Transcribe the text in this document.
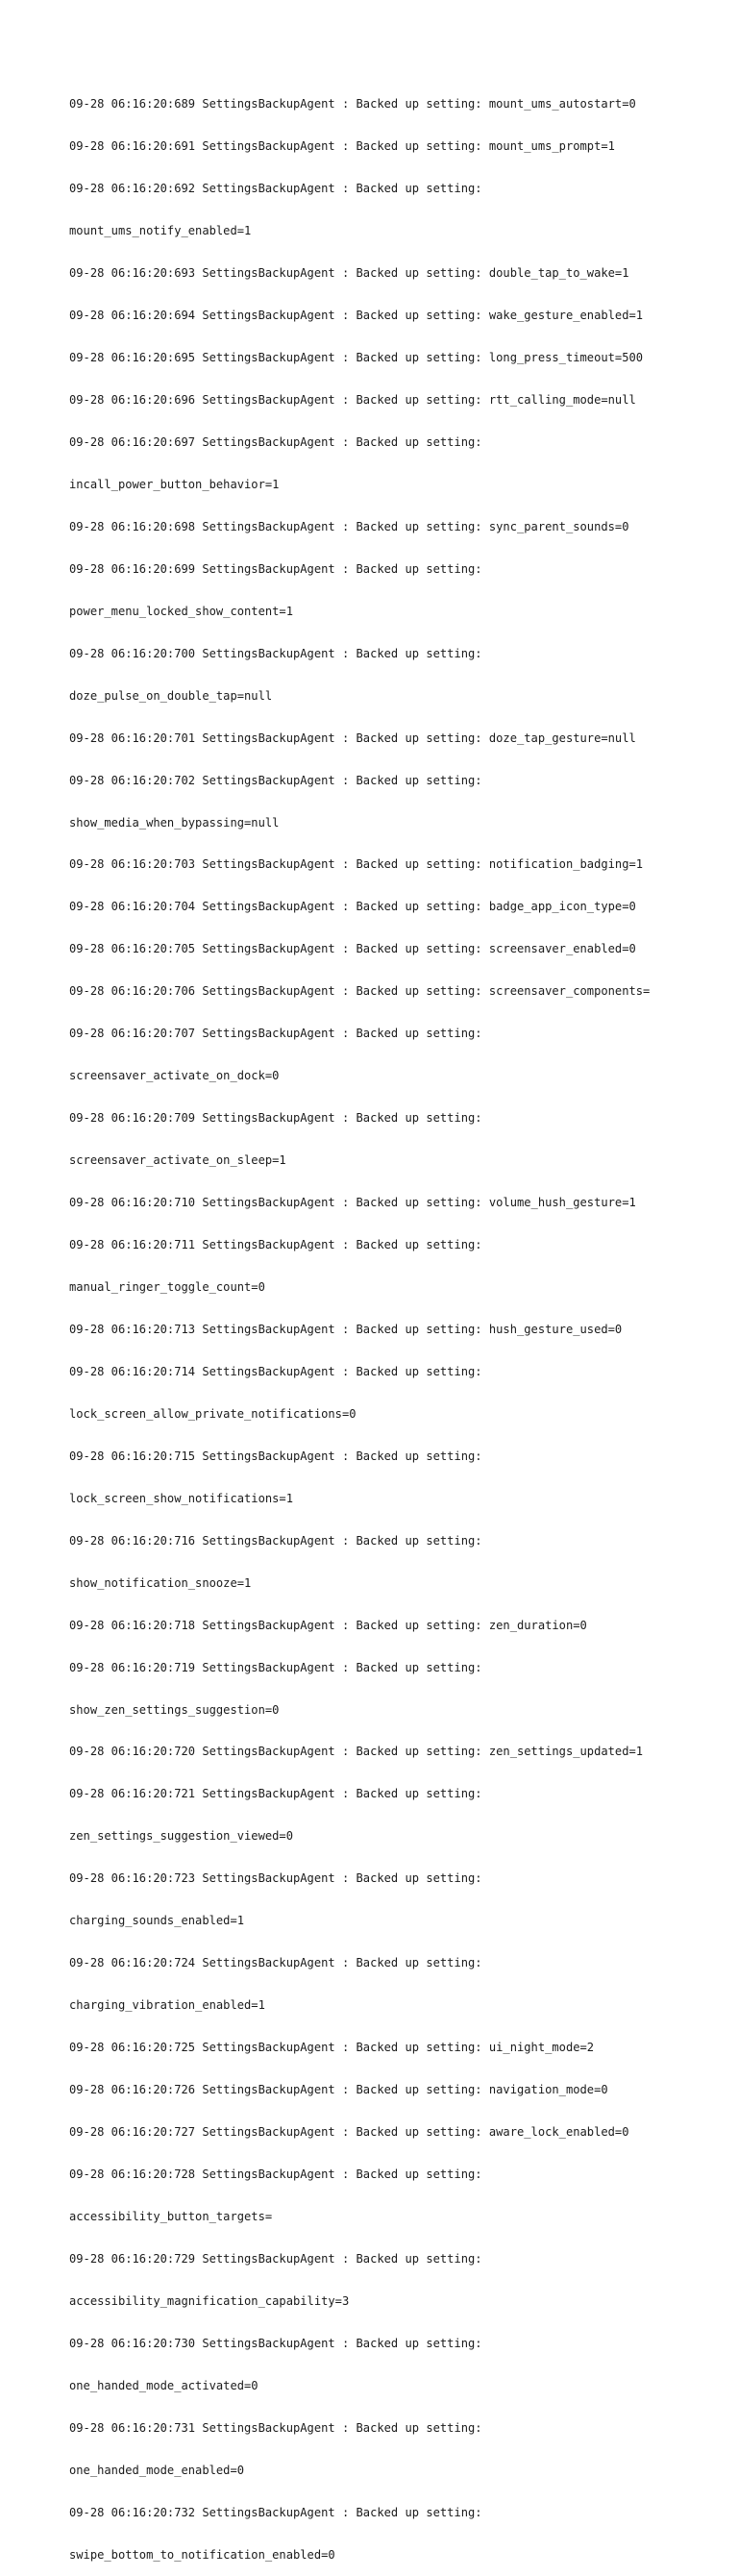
09-28 06:16:20:689 SettingsBackupAgent : Backed up setting: mount_ums_autostart=0

09-28 06:16:20:691 SettingsBackupAgent : Backed up setting: mount_ums_prompt=1

09-28 06:16:20:692 SettingsBackupAgent : Backed up setting:

mount_ums_notify_enabled=1

09-28 06:16:20:693 SettingsBackupAgent : Backed up setting: double_tap_to_wake=1

09-28 06:16:20:694 SettingsBackupAgent : Backed up setting: wake_gesture_enabled=1

09-28 06:16:20:695 SettingsBackupAgent : Backed up setting: long_press_timeout=500

09-28 06:16:20:696 SettingsBackupAgent : Backed up setting: rtt_calling_mode=null

09-28 06:16:20:697 SettingsBackupAgent : Backed up setting:

incall_power_button_behavior=1

09-28 06:16:20:698 SettingsBackupAgent : Backed up setting: sync_parent_sounds=0

09-28 06:16:20:699 SettingsBackupAgent : Backed up setting:

power_menu_locked_show_content=1

09-28 06:16:20:700 SettingsBackupAgent : Backed up setting:

doze_pulse_on_double_tap=null

09-28 06:16:20:701 SettingsBackupAgent : Backed up setting: doze_tap_gesture=null

09-28 06:16:20:702 SettingsBackupAgent : Backed up setting:

show_media_when_bypassing=null

09-28 06:16:20:703 SettingsBackupAgent : Backed up setting: notification_badging=1

09-28 06:16:20:704 SettingsBackupAgent : Backed up setting: badge_app_icon_type=0

09-28 06:16:20:705 SettingsBackupAgent : Backed up setting: screensaver_enabled=0

09-28 06:16:20:706 SettingsBackupAgent : Backed up setting: screensaver_components=

09-28 06:16:20:707 SettingsBackupAgent : Backed up setting:

screensaver_activate_on_dock=0

09-28 06:16:20:709 SettingsBackupAgent : Backed up setting:

screensaver_activate_on_sleep=1

09-28 06:16:20:710 SettingsBackupAgent : Backed up setting: volume_hush_gesture=1

09-28 06:16:20:711 SettingsBackupAgent : Backed up setting:

manual_ringer_toggle_count=0

09-28 06:16:20:713 SettingsBackupAgent : Backed up setting: hush_gesture_used=0

09-28 06:16:20:714 SettingsBackupAgent : Backed up setting:

lock_screen_allow_private_notifications=0

09-28 06:16:20:715 SettingsBackupAgent : Backed up setting:

lock_screen_show_notifications=1

09-28 06:16:20:716 SettingsBackupAgent : Backed up setting:

show_notification_snooze=1

09-28 06:16:20:718 SettingsBackupAgent : Backed up setting: zen_duration=0

09-28 06:16:20:719 SettingsBackupAgent : Backed up setting:

show_zen_settings_suggestion=0

09-28 06:16:20:720 SettingsBackupAgent : Backed up setting: zen_settings_updated=1

09-28 06:16:20:721 SettingsBackupAgent : Backed up setting:

zen_settings_suggestion_viewed=0

09-28 06:16:20:723 SettingsBackupAgent : Backed up setting:

charging_sounds_enabled=1

09-28 06:16:20:724 SettingsBackupAgent : Backed up setting:

charging_vibration_enabled=1

09-28 06:16:20:725 SettingsBackupAgent : Backed up setting: ui_night_mode=2

09-28 06:16:20:726 SettingsBackupAgent : Backed up setting: navigation_mode=0

09-28 06:16:20:727 SettingsBackupAgent : Backed up setting: aware_lock_enabled=0

09-28 06:16:20:728 SettingsBackupAgent : Backed up setting:

accessibility_button_targets=

09-28 06:16:20:729 SettingsBackupAgent : Backed up setting:

accessibility_magnification_capability=3

09-28 06:16:20:730 SettingsBackupAgent : Backed up setting:

one_handed_mode_activated=0

09-28 06:16:20:731 SettingsBackupAgent : Backed up setting:

one_handed_mode_enabled=0

09-28 06:16:20:732 SettingsBackupAgent : Backed up setting:

swipe_bottom_to_notification_enabled=0
